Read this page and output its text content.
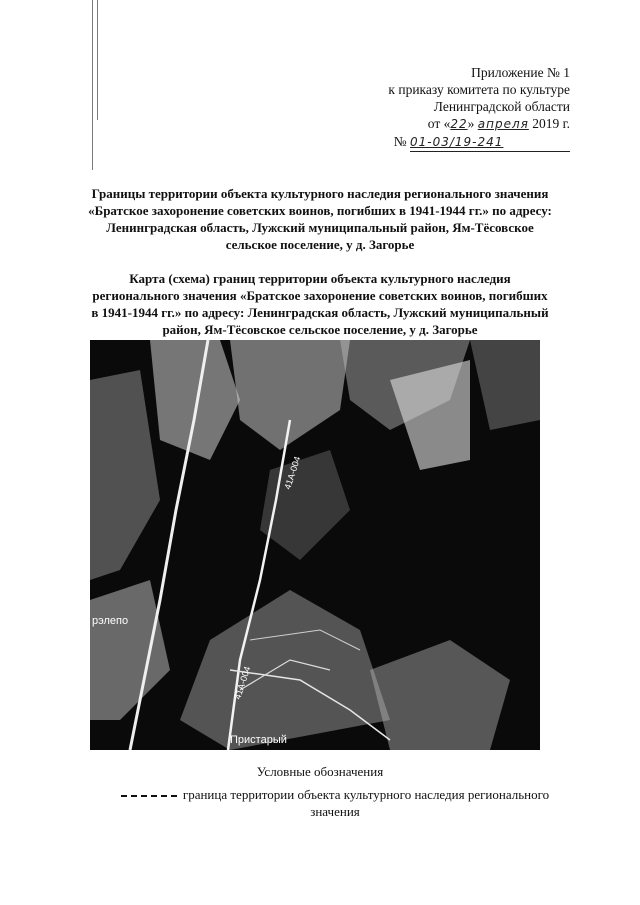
Приложение № 1
к приказу комитета по культуре
Ленинградской области
от «22» апреля 2019 г.
№ 01-03/19-241
Границы территории объекта культурного наследия регионального значения
«Братское захоронение советских воинов, погибших в 1941-1944 гг.» по адресу:
Ленинградская область, Лужский муниципальный район, Ям-Тёсовское
сельское поселение, у д. Загорье
Карта (схема) границ территории объекта культурного наследия
регионального значения «Братское захоронение советских воинов, погибших
в 1941-1944 гг.» по адресу: Ленинградская область, Лужский муниципальный
район, Ям-Тёсовское сельское поселение, у д. Загорье
рэлепо
Пристарый
41А-004
41А-004
Условные обозначения
граница территории объекта культурного наследия регионального
значения
